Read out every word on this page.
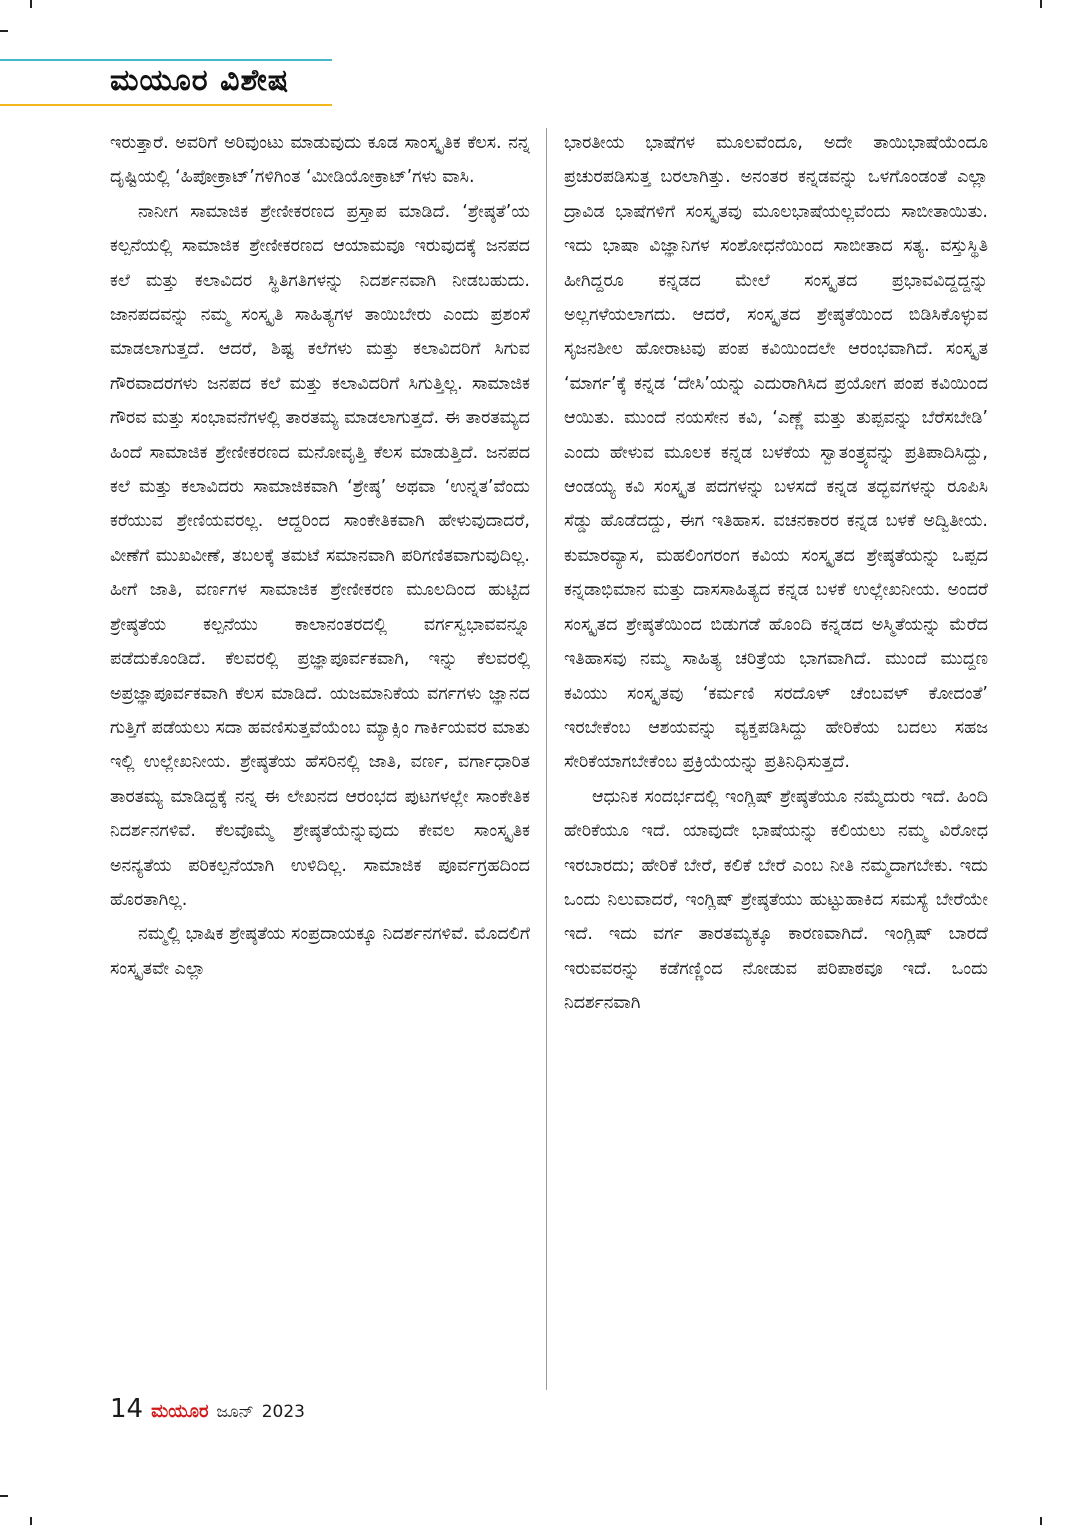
ಮಯೂರ ವಿಶೇಷ

ಇರುತ್ತಾರೆ. ಅವರಿಗೆ ಅರಿವುಂಟು ಮಾಡುವುದು ಕೂಡ ಸಾಂಸ್ಕೃತಿಕ ಕೆಲಸ. ನನ್ನ ದೃಷ್ಟಿಯಲ್ಲಿ ‘ಹಿಪೋಕ್ರಾಟ್’ಗಳಿಗಿಂತ ‘ಮೀಡಿಯೋಕ್ರಾಟ್’ಗಳು ವಾಸಿ.

ನಾನೀಗ ಸಾಮಾಜಿಕ ಶ್ರೇಣೀಕರಣದ ಪ್ರಸ್ತಾಪ ಮಾಡಿದೆ. ‘ಶ್ರೇಷ್ಠತೆ’ಯ ಕಲ್ಪನೆಯಲ್ಲಿ ಸಾಮಾಜಿಕ ಶ್ರೇಣೀಕರಣದ ಆಯಾಮವೂ ಇರುವುದಕ್ಕೆ ಜನಪದ ಕಲೆ ಮತ್ತು ಕಲಾವಿದರ ಸ್ಥಿತಿಗತಿಗಳನ್ನು ನಿದರ್ಶನವಾಗಿ ನೀಡಬಹುದು. ಜಾನಪದವನ್ನು ನಮ್ಮ ಸಂಸ್ಕೃತಿ ಸಾಹಿತ್ಯಗಳ ತಾಯಿಬೇರು ಎಂದು ಪ್ರಶಂಸೆ ಮಾಡಲಾಗುತ್ತದೆ. ಆದರೆ, ಶಿಷ್ಟ ಕಲೆಗಳು ಮತ್ತು ಕಲಾವಿದರಿಗೆ ಸಿಗುವ ಗೌರವಾದರಗಳು ಜನಪದ ಕಲೆ ಮತ್ತು ಕಲಾವಿದರಿಗೆ ಸಿಗುತ್ತಿಲ್ಲ. ಸಾಮಾಜಿಕ ಗೌರವ ಮತ್ತು ಸಂಭಾವನೆಗಳಲ್ಲಿ ತಾರತಮ್ಯ ಮಾಡಲಾಗುತ್ತದೆ. ಈ ತಾರತಮ್ಯದ ಹಿಂದೆ ಸಾಮಾಜಿಕ ಶ್ರೇಣೀಕರಣದ ಮನೋವೃತ್ತಿ ಕೆಲಸ ಮಾಡುತ್ತಿದೆ. ಜನಪದ ಕಲೆ ಮತ್ತು ಕಲಾವಿದರು ಸಾಮಾಜಿಕವಾಗಿ ‘ಶ್ರೇಷ್ಠ’ ಅಥವಾ ‘ಉನ್ನತ’ವೆಂದು ಕರೆಯುವ ಶ್ರೇಣಿಯವರಲ್ಲ. ಆದ್ದರಿಂದ ಸಾಂಕೇತಿಕವಾಗಿ ಹೇಳುವುದಾದರೆ, ವೀಣೆಗೆ ಮುಖವೀಣೆ, ತಬಲಕ್ಕೆ ತಮಟೆ ಸಮಾನವಾಗಿ ಪರಿಗಣಿತವಾಗುವುದಿಲ್ಲ. ಹೀಗೆ ಜಾತಿ, ವರ್ಣಗಳ ಸಾಮಾಜಿಕ ಶ್ರೇಣೀಕರಣ ಮೂಲದಿಂದ ಹುಟ್ಟಿದ ಶ್ರೇಷ್ಠತೆಯ ಕಲ್ಪನೆಯು ಕಾಲಾನಂತರದಲ್ಲಿ ವರ್ಗಸ್ವಭಾವವನ್ನೂ ಪಡೆದುಕೊಂಡಿದೆ. ಕೆಲವರಲ್ಲಿ ಪ್ರಜ್ಞಾಪೂರ್ವಕವಾಗಿ, ಇನ್ನು ಕೆಲವರಲ್ಲಿ ಅಪ್ರಜ್ಞಾಪೂರ್ವಕವಾಗಿ ಕೆಲಸ ಮಾಡಿದೆ. ಯಜಮಾನಿಕೆಯ ವರ್ಗಗಳು ಜ್ಞಾನದ ಗುತ್ತಿಗೆ ಪಡೆಯಲು ಸದಾ ಹವಣಿಸುತ್ತವೆಯೆಂಬ ಮ್ಯಾಕ್ಸಿಂ ಗಾರ್ಕಿಯವರ ಮಾತು ಇಲ್ಲಿ ಉಲ್ಲೇಖನೀಯ. ಶ್ರೇಷ್ಠತೆಯ ಹೆಸರಿನಲ್ಲಿ ಜಾತಿ, ವರ್ಣ, ವರ್ಗಾಧಾರಿತ ತಾರತಮ್ಯ ಮಾಡಿದ್ದಕ್ಕೆ ನನ್ನ ಈ ಲೇಖನದ ಆರಂಭದ ಪುಟಗಳಲ್ಲೇ ಸಾಂಕೇತಿಕ ನಿದರ್ಶನಗಳಿವೆ. ಕೆಲವೊಮ್ಮೆ ಶ್ರೇಷ್ಠತೆಯೆನ್ನುವುದು ಕೇವಲ ಸಾಂಸ್ಕೃತಿಕ ಅನನ್ಯತೆಯ ಪರಿಕಲ್ಪನೆಯಾಗಿ ಉಳಿದಿಲ್ಲ. ಸಾಮಾಜಿಕ ಪೂರ್ವಗ್ರಹದಿಂದ ಹೊರತಾಗಿಲ್ಲ.

ನಮ್ಮಲ್ಲಿ ಭಾಷಿಕ ಶ್ರೇಷ್ಠತೆಯ ಸಂಪ್ರದಾಯಕ್ಕೂ ನಿದರ್ಶನಗಳಿವೆ. ಮೊದಲಿಗೆ ಸಂಸ್ಕೃತವೇ ಎಲ್ಲಾ

ಭಾರತೀಯ ಭಾಷೆಗಳ ಮೂಲವೆಂದೂ, ಅದೇ ತಾಯಿಭಾಷೆಯೆಂದೂ ಪ್ರಚುರಪಡಿಸುತ್ತ ಬರಲಾಗಿತ್ತು. ಅನಂತರ ಕನ್ನಡವನ್ನು ಒಳಗೊಂಡಂತೆ ಎಲ್ಲಾ ದ್ರಾವಿಡ ಭಾಷೆಗಳಿಗೆ ಸಂಸ್ಕೃತವು ಮೂಲಭಾಷೆಯಲ್ಲವೆಂದು ಸಾಬೀತಾಯಿತು. ಇದು ಭಾಷಾ ವಿಜ್ಞಾನಿಗಳ ಸಂಶೋಧನೆಯಿಂದ ಸಾಬೀತಾದ ಸತ್ಯ. ವಸ್ತುಸ್ಥಿತಿ ಹೀಗಿದ್ದರೂ ಕನ್ನಡದ ಮೇಲೆ ಸಂಸ್ಕೃತದ ಪ್ರಭಾವವಿದ್ದದ್ದನ್ನು ಅಲ್ಲಗಳೆಯಲಾಗದು. ಆದರೆ, ಸಂಸ್ಕೃತದ ಶ್ರೇಷ್ಠತೆಯಿಂದ ಬಿಡಿಸಿಕೊಳ್ಳುವ ಸೃಜನಶೀಲ ಹೋರಾಟವು ಪಂಪ ಕವಿಯಿಂದಲೇ ಆರಂಭವಾಗಿದೆ. ಸಂಸ್ಕೃತ ‘ಮಾರ್ಗ’ಕ್ಕೆ ಕನ್ನಡ ‘ದೇಸಿ’ಯನ್ನು ಎದುರಾಗಿಸಿದ ಪ್ರಯೋಗ ಪಂಪ ಕವಿಯಿಂದ ಆಯಿತು. ಮುಂದೆ ನಯಸೇನ ಕವಿ, ‘ಎಣ್ಣೆ ಮತ್ತು ತುಪ್ಪವನ್ನು ಬೆರೆಸಬೇಡಿ’ ಎಂದು ಹೇಳುವ ಮೂಲಕ ಕನ್ನಡ ಬಳಕೆಯ ಸ್ವಾತಂತ್ರ್ಯವನ್ನು ಪ್ರತಿಪಾದಿಸಿದ್ದು, ಆಂಡಯ್ಯ ಕವಿ ಸಂಸ್ಕೃತ ಪದಗಳನ್ನು ಬಳಸದೆ ಕನ್ನಡ ತದ್ಭವಗಳನ್ನು ರೂಪಿಸಿ ಸೆಡ್ಡು ಹೊಡೆದದ್ದು, ಈಗ ಇತಿಹಾಸ. ವಚನಕಾರರ ಕನ್ನಡ ಬಳಕೆ ಅದ್ವಿತೀಯ. ಕುಮಾರವ್ಯಾಸ, ಮಹಲಿಂಗರಂಗ ಕವಿಯ ಸಂಸ್ಕೃತದ ಶ್ರೇಷ್ಠತೆಯನ್ನು ಒಪ್ಪದ ಕನ್ನಡಾಭಿಮಾನ ಮತ್ತು ದಾಸಸಾಹಿತ್ಯದ ಕನ್ನಡ ಬಳಕೆ ಉಲ್ಲೇಖನೀಯ. ಅಂದರೆ ಸಂಸ್ಕೃತದ ಶ್ರೇಷ್ಠತೆಯಿಂದ ಬಿಡುಗಡೆ ಹೊಂದಿ ಕನ್ನಡದ ಅಸ್ಮಿತೆಯನ್ನು ಮೆರೆದ ಇತಿಹಾಸವು ನಮ್ಮ ಸಾಹಿತ್ಯ ಚರಿತ್ರೆಯ ಭಾಗವಾಗಿದೆ. ಮುಂದೆ ಮುದ್ದಣ ಕವಿಯು ಸಂಸ್ಕೃತವು ‘ಕರ್ಮಣಿ ಸರದೊಳ್ ಚೆಂಬವಳ್ ಕೋದಂತೆ’ ಇರಬೇಕೆಂಬ ಆಶಯವನ್ನು ವ್ಯಕ್ತಪಡಿಸಿದ್ದು ಹೇರಿಕೆಯ ಬದಲು ಸಹಜ ಸೇರಿಕೆಯಾಗಬೇಕೆಂಬ ಪ್ರಕ್ರಿಯೆಯನ್ನು ಪ್ರತಿನಿಧಿಸುತ್ತದೆ.

ಆಧುನಿಕ ಸಂದರ್ಭದಲ್ಲಿ ಇಂಗ್ಲಿಷ್ ಶ್ರೇಷ್ಠತೆಯೂ ನಮ್ಮೆದುರು ಇದೆ. ಹಿಂದಿ ಹೇರಿಕೆಯೂ ಇದೆ. ಯಾವುದೇ ಭಾಷೆಯನ್ನು ಕಲಿಯಲು ನಮ್ಮ ವಿರೋಧ ಇರಬಾರದು; ಹೇರಿಕೆ ಬೇರೆ, ಕಲಿಕೆ ಬೇರೆ ಎಂಬ ನೀತಿ ನಮ್ಮದಾಗಬೇಕು. ಇದು ಒಂದು ನಿಲುವಾದರೆ, ಇಂಗ್ಲಿಷ್ ಶ್ರೇಷ್ಠತೆಯು ಹುಟ್ಟುಹಾಕಿದ ಸಮಸ್ಯೆ ಬೇರೆಯೇ ಇದೆ. ಇದು ವರ್ಗ ತಾರತಮ್ಯಕ್ಕೂ ಕಾರಣವಾಗಿದೆ. ಇಂಗ್ಲಿಷ್ ಬಾರದೆ ಇರುವವರನ್ನು ಕಡೆಗಣ್ಣಿಂದ ನೋಡುವ ಪರಿಪಾಠವೂ ಇದೆ. ಒಂದು ನಿದರ್ಶನವಾಗಿ

14 ಮಯೂರ ಜೂನ್ 2023
